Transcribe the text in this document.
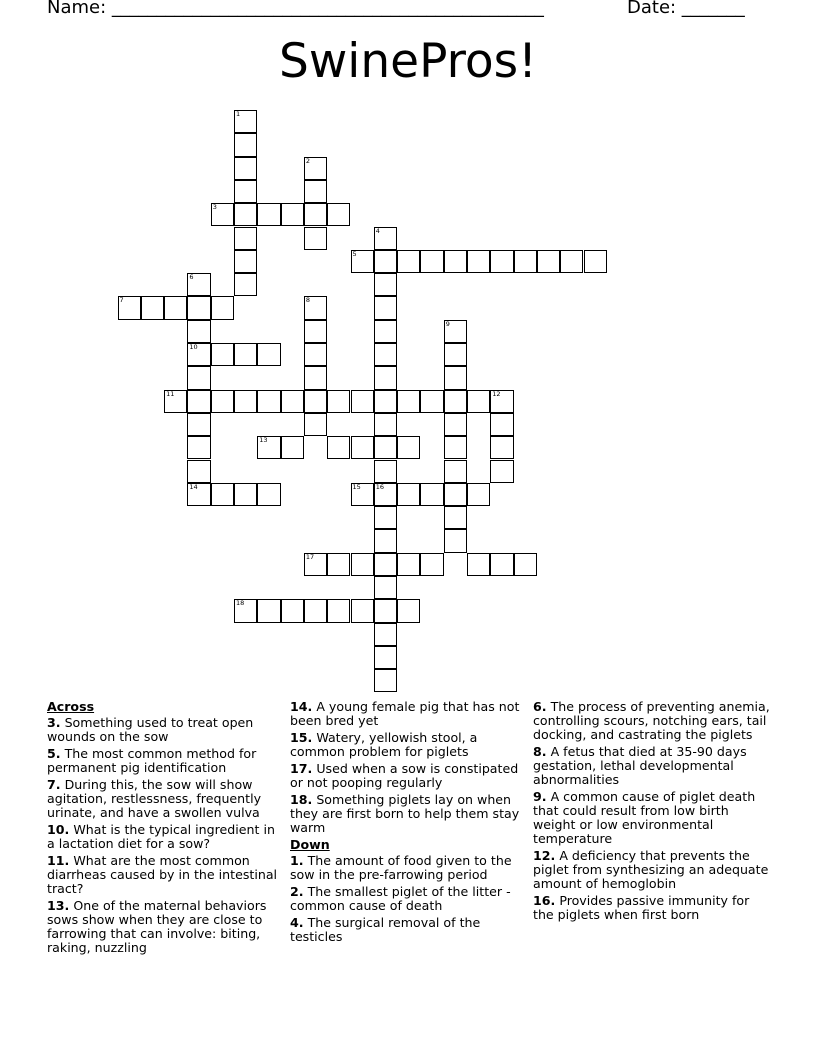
Name: ________________________________________________	Date: _______
SwinePros!
1
2
3
4
5
6
10
14
7	8
9
11	12
13
15 16
17
18
Across
3. Something used to treat open wounds on the sow
5. The most common method for permanent pig identification
7. During this, the sow will show agitation, restlessness, frequently urinate, and have a swollen vulva
10. What is the typical ingredient in a lactation diet for a sow?
11. What are the most common diarrheas caused by in the intestinal tract?
13. One of the maternal behaviors sows show when they are close to farrowing that can involve: biting, raking, nuzzling
14. A young female pig that has not been bred yet
15. Watery, yellowish stool, a common problem for piglets
17. Used when a sow is constipated or not pooping regularly
18. Something piglets lay on when they are first born to help them stay warm
Down
1. The amount of food given to the sow in the pre-farrowing period
2. The smallest piglet of the litter - common cause of death
4. The surgical removal of the testicles
6. The process of preventing anemia, controlling scours, notching ears, tail docking, and castrating the piglets
8. A fetus that died at 35-90 days gestation, lethal developmental abnormalities
9. A common cause of piglet death that could result from low birth weight or low environmental temperature
12. A deficiency that prevents the piglet from synthesizing an adequate amount of hemoglobin
16. Provides passive immunity for the piglets when first born
